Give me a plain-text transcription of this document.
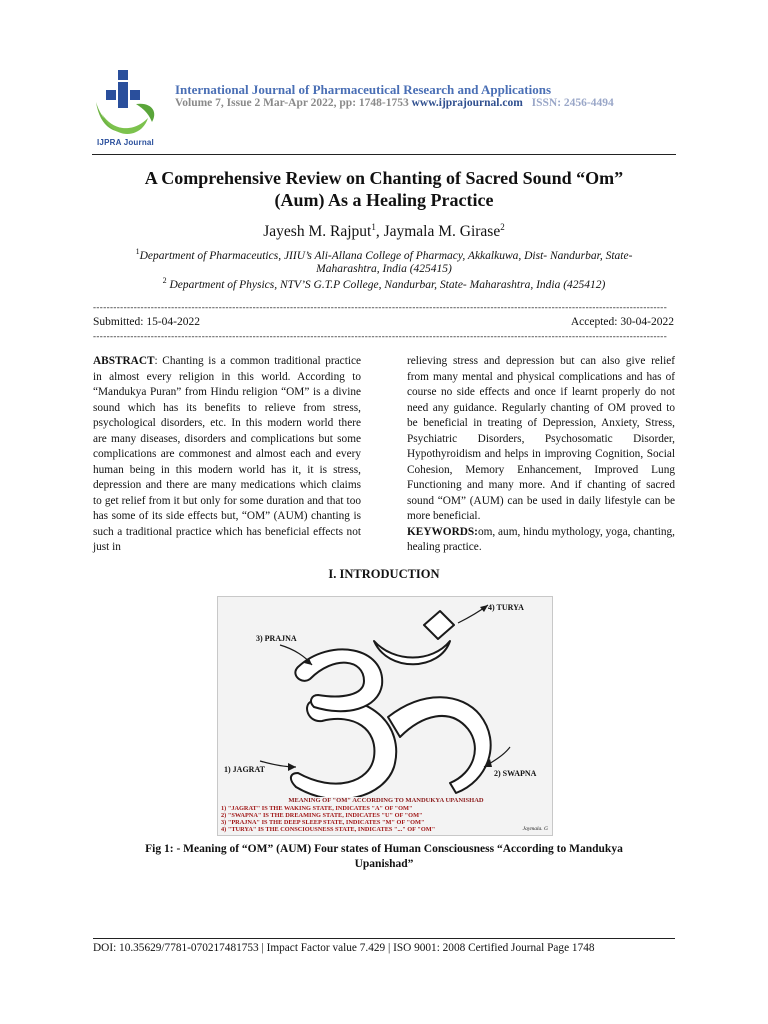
IJPRA Journal
International Journal of Pharmaceutical Research and Applications
Volume 7, Issue 2 Mar-Apr 2022, pp: 1748-1753 www.ijprajournal.com ISSN: 2456-4494
A Comprehensive Review on Chanting of Sacred Sound “Om”
(Aum) As a Healing Practice
Jayesh M. Rajput$^1$, Jaymala M. Girase$^2$
$^1$Department of Pharmaceutics, JIIU’s Ali-Allana College of Pharmacy, Akkalkuwa, Dist- Nandurbar, State-
Maharashtra, India (425415)
$^2$ Department of Physics, NTV’S G.T.P College, Nandurbar, State- Maharashtra, India (425412)
-------------------------------------------------------------------------------------------------------------------------------------------------------------------------
Submitted: 15-04-2022	Accepted: 30-04-2022
-------------------------------------------------------------------------------------------------------------------------------------------------------------------------
ABSTRACT: Chanting is a common traditional practice in almost every religion in this world. According to “Mandukya Puran” from Hindu religion “OM” is a divine sound which has its benefits to relieve from stress, psychological disorders, etc. In this modern world there are many diseases, disorders and complications but some complications are commonest and almost each and every human being in this modern world has it, it is stress, depression and there are many medications which claims to get relief from it but only for some duration and that too has some of its side effects but, “OM” (AUM) chanting is such a traditional practice which has beneficial effects not just in
relieving stress and depression but can also give relief from many mental and physical complications and has of course no side effects and once if learnt properly do not need any guidance. Regularly chanting of OM proved to be beneficial in treating of Depression, Anxiety, Stress, Psychiatric Disorders, Psychosomatic Disorder, Hypothyroidism and helps in improving Cognition, Social Cohesion, Memory Enhancement, Improved Lung Functioning and many more. And if chanting of sacred sound “OM” (AUM) can be used in daily lifestyle can be more beneficial.
KEYWORDS:om, aum, hindu mythology, yoga, chanting, healing practice.
I. INTRODUCTION
4) TURYA
3) PRAJNA
1) JAGRAT	2) SWAPNA
MEANING OF "OM" ACCORDING TO MANDUKYA UPANISHAD
1) "JAGRAT" IS THE WAKING STATE, INDICATES "A" OF "OM"
2) "SWAPNA" IS THE DREAMING STATE, INDICATES "U" OF "OM"
3) "PRAJNA" IS THE DEEP SLEEP STATE, INDICATES "M" OF "OM"
4) "TURYA" IS THE CONSCIOUSNESS STATE, INDICATES "..." OF "OM"	Jaymala. G
Fig 1: - Meaning of “OM” (AUM) Four states of Human Consciousness “According to Mandukya
Upanishad”
DOI: 10.35629/7781-070217481753 | Impact Factor value 7.429 | ISO 9001: 2008 Certified Journal Page 1748
